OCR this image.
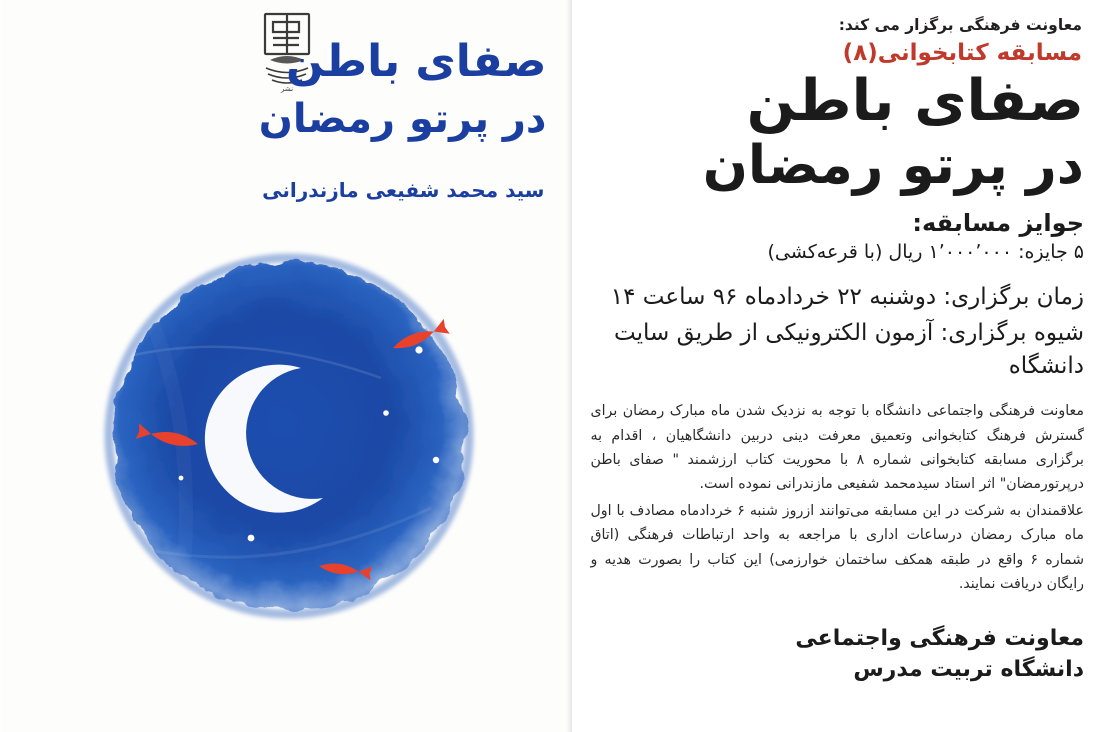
نشر
صفای باطن
در پرتو رمضان
سید محمد شفیعی مازندرانی
معاونت فرهنگی برگزار می کند:
مسابقه کتابخوانی(۸)
صفای باطن
در پرتو رمضان
جوایز مسابقه:
۵ جایزه: ۱٬۰۰۰٬۰۰۰ ریال (با قرعه‌کشی)
زمان برگزاری: دوشنبه ۲۲ خردادماه ۹۶ ساعت ۱۴
شیوه برگزاری: آزمون الکترونیکی از طریق سایت دانشگاه

معاونت فرهنگی واجتماعی دانشگاه با توجه به نزدیک شدن ماه مبارک رمضان برای گسترش فرهنگ کتابخوانی وتعمیق معرفت دینی دربین دانشگاهیان ، اقدام به برگزاری مسابقه کتابخوانی شماره ۸ با محوریت کتاب ارزشمند " صفای باطن درپرتورمضان" اثر استاد سیدمحمد شفیعی مازندرانی نموده است.

علاقمندان به شرکت در این مسابقه می‌توانند ازروز شنبه ۶ خردادماه مصادف با اول ماه مبارک رمضان درساعات اداری با مراجعه به واحد ارتباطات فرهنگی (اتاق شماره ۶ واقع در طبقه همکف ساختمان خوارزمی) این کتاب را بصورت هدیه و رایگان دریافت نمایند.

معاونت فرهنگی واجتماعی
دانشگاه تربیت مدرس
